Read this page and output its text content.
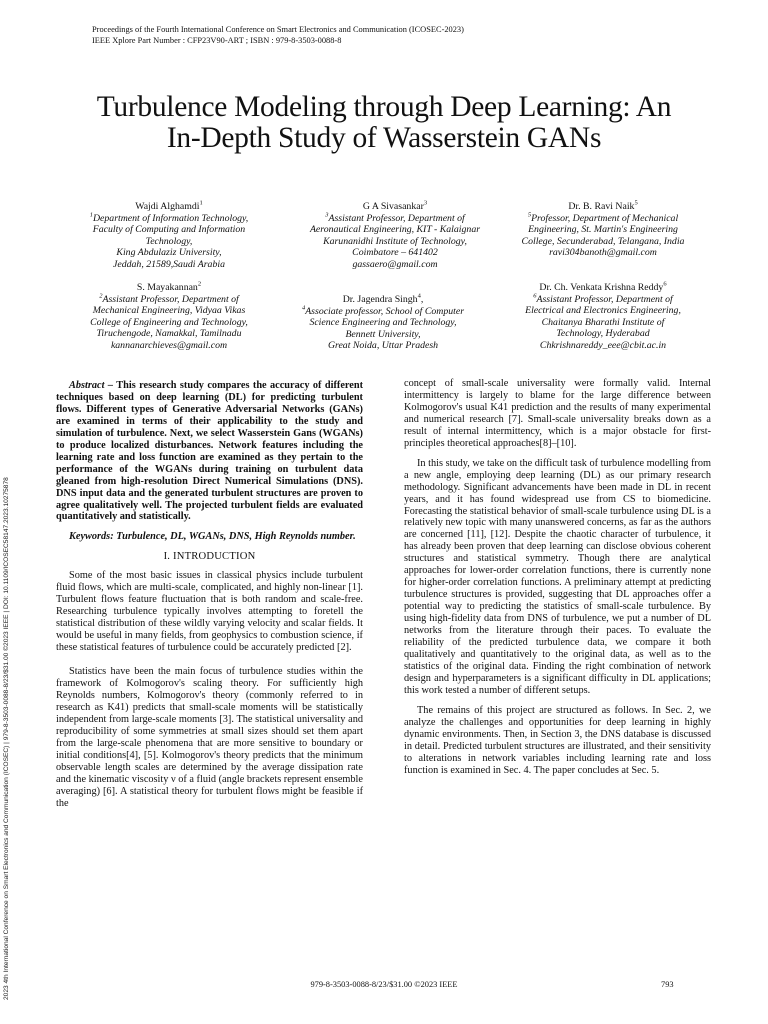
Proceedings of the Fourth International Conference on Smart Electronics and Communication (ICOSEC-2023)
IEEE Xplore Part Number : CFP23V90-ART ; ISBN : 979-8-3503-0088-8
2023 4th International Conference on Smart Electronics and Communication (ICOSEC) | 979-8-3503-0088-8/23/$31.00 ©2023 IEEE | DOI: 10.1109/ICOSEC58147.2023.10275878
Turbulence Modeling through Deep Learning: An
In-Depth Study of Wasserstein GANs
Wajdi Alghamdi$^1$
$^1$Department of Information Technology,
Faculty of Computing and Information
Technology,
King Abdulaziz University,
Jeddah, 21589,Saudi Arabia
G A Sivasankar$^3$
$^3$Assistant Professor, Department of
Aeronautical Engineering, KIT - Kalaignar
Karunanidhi Institute of Technology,
Coimbatore – 641402
gassaero@gmail.com
Dr. B. Ravi Naik$^5$
$^5$Professor, Department of Mechanical
Engineering, St. Martin's Engineering
College, Secunderabad, Telangana, India
ravi304banoth@gmail.com
S. Mayakannan$^2$
$^2$Assistant Professor, Department of
Mechanical Engineering, Vidyaa Vikas
College of Engineering and Technology,
Tiruchengode, Namakkal, Tamilnadu
kannanarchieves@gmail.com
Dr. Jagendra Singh$^4$,
$^4$Associate professor, School of Computer
Science Engineering and Technology,
Bennett University,
Great Noida, Uttar Pradesh
Dr. Ch. Venkata Krishna Reddy$^6$
$^6$Assistant Professor, Department of
Electrical and Electronics Engineering,
Chaitanya Bharathi Institute of
Technology, Hyderabad
Chkrishnareddy_eee@cbit.ac.in

Abstract – This research study compares the accuracy of different techniques based on deep learning (DL) for predicting turbulent flows. Different types of Generative Adversarial Networks (GANs) are examined in terms of their applicability to the study and simulation of turbulence. Next, we select Wasserstein Gans (WGANs) to produce localized disturbances. Network features including the learning rate and loss function are examined as they pertain to the performance of the WGANs during training on turbulent data gleaned from high-resolution Direct Numerical Simulations (DNS). DNS input data and the generated turbulent structures are proven to agree qualitatively well. The projected turbulent fields are evaluated quantitatively and statistically.

Keywords: Turbulence, DL, WGANs, DNS, High Reynolds number.

I. INTRODUCTION

Some of the most basic issues in classical physics include turbulent fluid flows, which are multi-scale, complicated, and highly non-linear [1]. Turbulent flows feature fluctuation that is both random and scale-free. Researching turbulence typically involves attempting to foretell the statistical distribution of these wildly varying velocity and scalar fields. It would be useful in many fields, from geophysics to combustion science, if these statistical features of turbulence could be accurately predicted [2].

Statistics have been the main focus of turbulence studies within the framework of Kolmogorov's scaling theory. For sufficiently high Reynolds numbers, Kolmogorov's theory (commonly referred to in research as K41) predicts that small-scale moments will be statistically independent from large-scale moments [3]. The statistical universality and reproducibility of some symmetries at small sizes should set them apart from the large-scale phenomena that are more sensitive to boundary or initial conditions[4], [5]. Kolmogorov's theory predicts that the minimum observable length scales are determined by the average dissipation rate and the kinematic viscosity ν of a fluid (angle brackets represent ensemble averaging) [6]. A statistical theory for turbulent flows might be feasible if the

concept of small-scale universality were formally valid. Internal intermittency is largely to blame for the large difference between Kolmogorov's usual K41 prediction and the results of many experimental and numerical research [7]. Small-scale universality breaks down as a result of internal intermittency, which is a major obstacle for first-principles theoretical approaches[8]–[10].

In this study, we take on the difficult task of turbulence modelling from a new angle, employing deep learning (DL) as our primary research methodology. Significant advancements have been made in DL in recent years, and it has found widespread use from CS to biomedicine. Forecasting the statistical behavior of small-scale turbulence using DL is a relatively new topic with many unanswered concerns, as far as the authors are concerned [11], [12]. Despite the chaotic character of turbulence, it has already been proven that deep learning can disclose obvious coherent structures and statistical symmetry. Though there are analytical approaches for lower-order correlation functions, there is currently none for higher-order correlation functions. A preliminary attempt at predicting turbulence structures is provided, suggesting that DL approaches offer a potential way to predicting the statistics of small-scale turbulence. By using high-fidelity data from DNS of turbulence, we put a number of DL networks from the literature through their paces. To evaluate the reliability of the predicted turbulence data, we compare it both qualitatively and quantitatively to the original data, as well as to the statistics of the original data. Finding the right combination of network design and hyperparameters is a significant difficulty in DL applications; this work tested a number of different setups.

The remains of this project are structured as follows. In Sec. 2, we analyze the challenges and opportunities for deep learning in highly dynamic environments. Then, in Section 3, the DNS database is discussed in detail. Predicted turbulent structures are illustrated, and their sensitivity to alterations in network variables including learning rate and loss function is examined in Sec. 4. The paper concludes at Sec. 5.

979-8-3503-0088-8/23/$31.00 ©2023 IEEE	793
